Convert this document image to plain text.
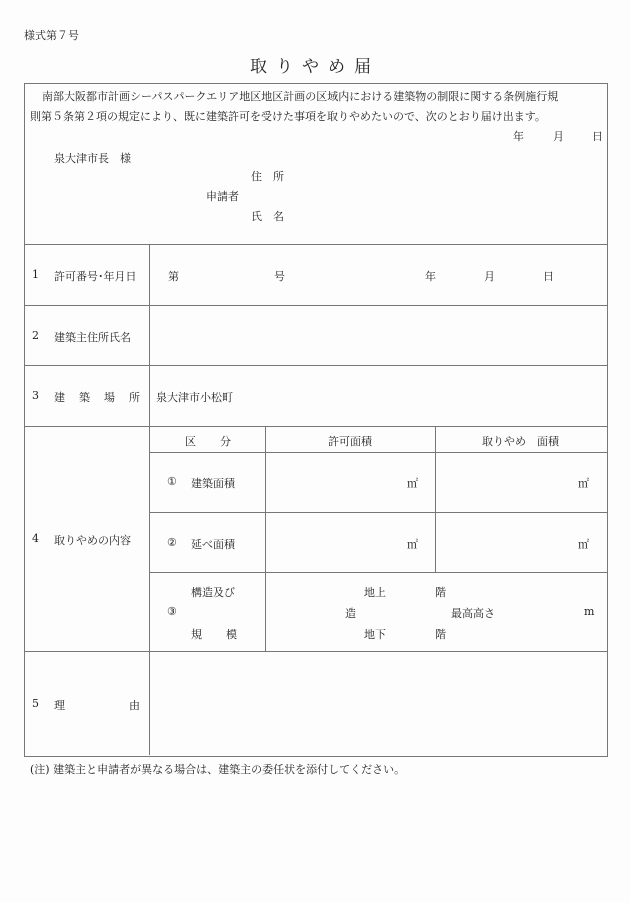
様式第７号
取りやめ届
南部大阪都市計画シーパスパークエリア地区地区計画の区域内における建築物の制限に関する条例施行規
則第５条第２項の規定により、既に建築許可を受けた事項を取りやめたいので、次のとおり届け出ます。
年	月	日
泉大津市長　様
住　所
申請者
氏　名
1 許可番号･年月日	第	号	年	月	日
2 建築主住所氏名
3 建 築 場 所 泉大津市小松町
4 取りやめの内容
区 分	許可面積	取りやめ　面積
① 建築面積	㎡	㎡
② 延べ面積	㎡	㎡
構造及び
③
規 模
地上	階
造	最高高さ	m
地下	階
5 理	由
(注) 建築主と申請者が異なる場合は、建築主の委任状を添付してください。
